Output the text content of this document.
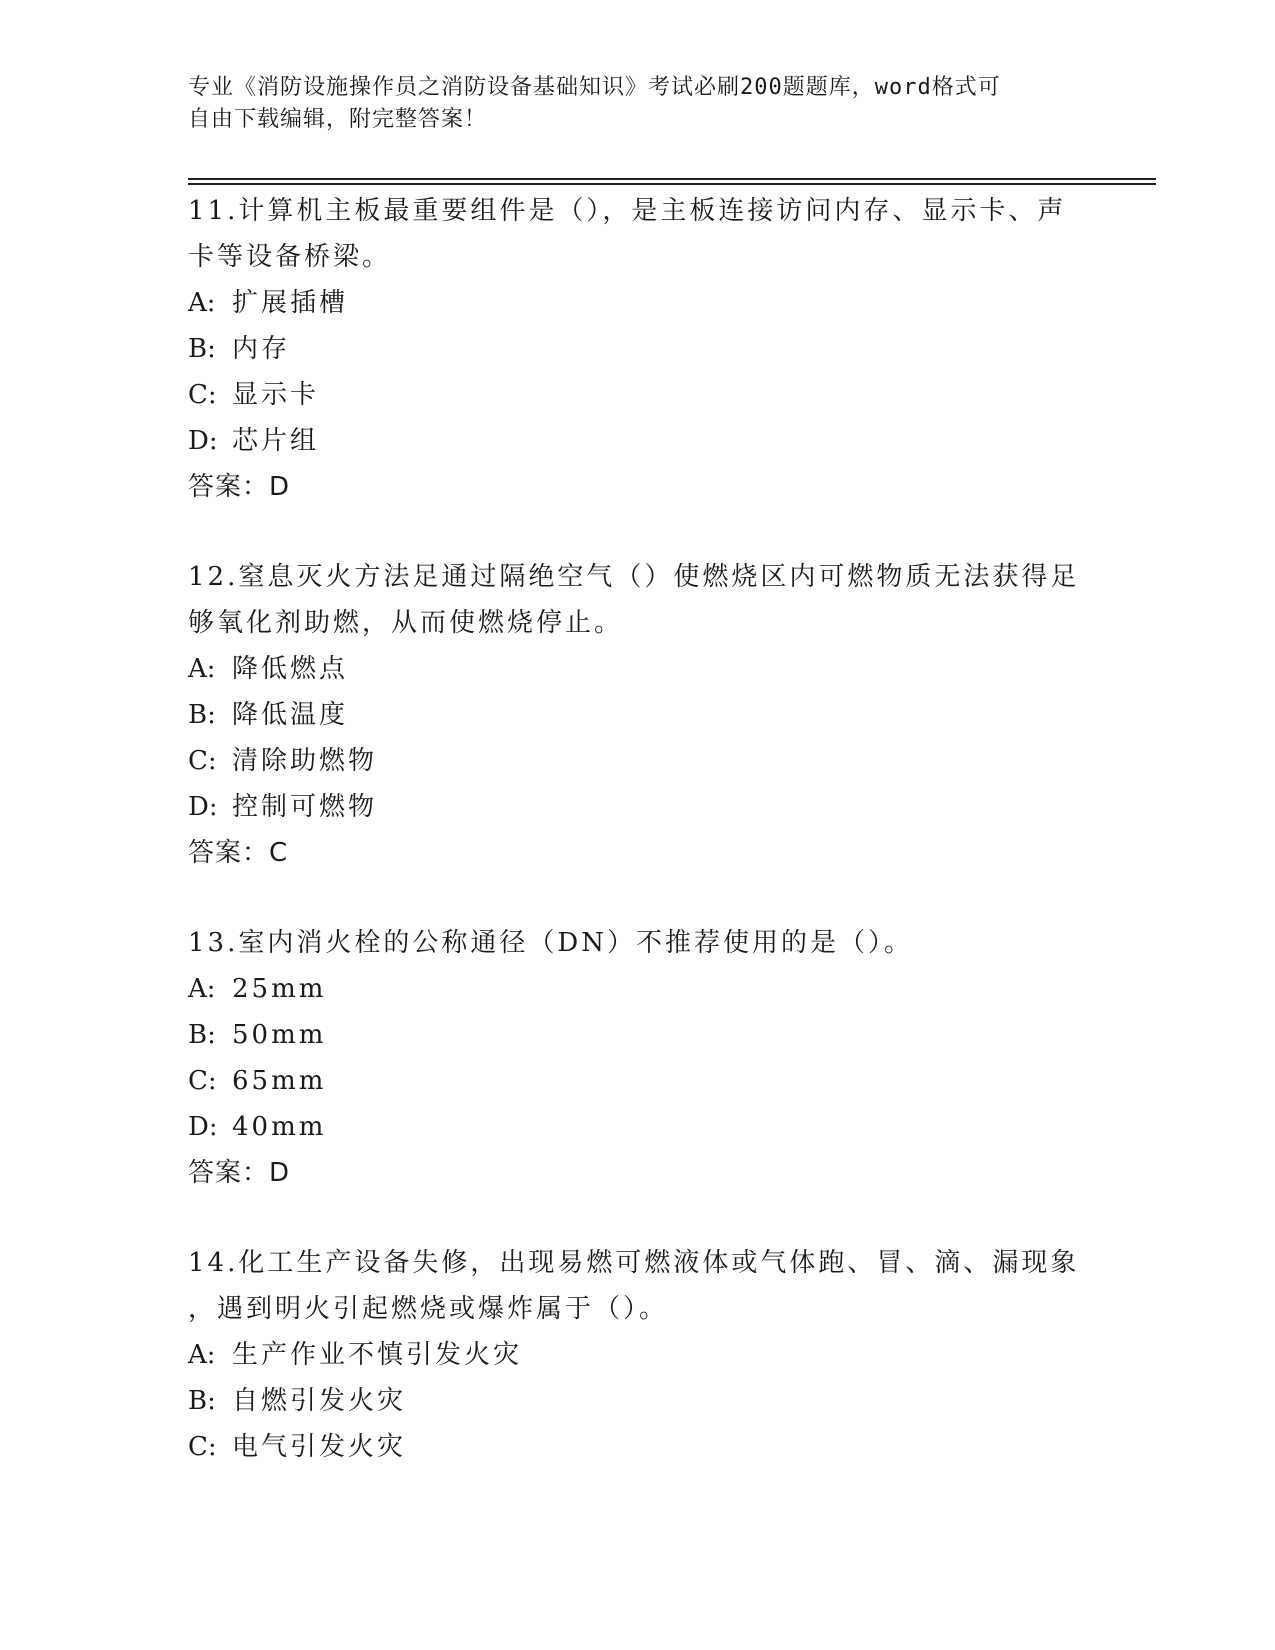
专业《消防设施操作员之消防设备基础知识》考试必刷200题题库，word格式可
自由下载编辑，附完整答案！
11.计算机主板最重要组件是（），是主板连接访问内存、显示卡、声
卡等设备桥梁。
A: 扩展插槽
B: 内存
C: 显示卡
D: 芯片组
答案：D
12.窒息灭火方法足通过隔绝空气（）使燃烧区内可燃物质无法获得足
够氧化剂助燃，从而使燃烧停止。
A: 降低燃点
B: 降低温度
C: 清除助燃物
D: 控制可燃物
答案：C
13.室内消火栓的公称通径（DN）不推荐使用的是（）。
A: 25mm
B: 50mm
C: 65mm
D: 40mm
答案：D
14.化工生产设备失修，出现易燃可燃液体或气体跑、冒、滴、漏现象
，遇到明火引起燃烧或爆炸属于（）。
A: 生产作业不慎引发火灾
B: 自燃引发火灾
C: 电气引发火灾
